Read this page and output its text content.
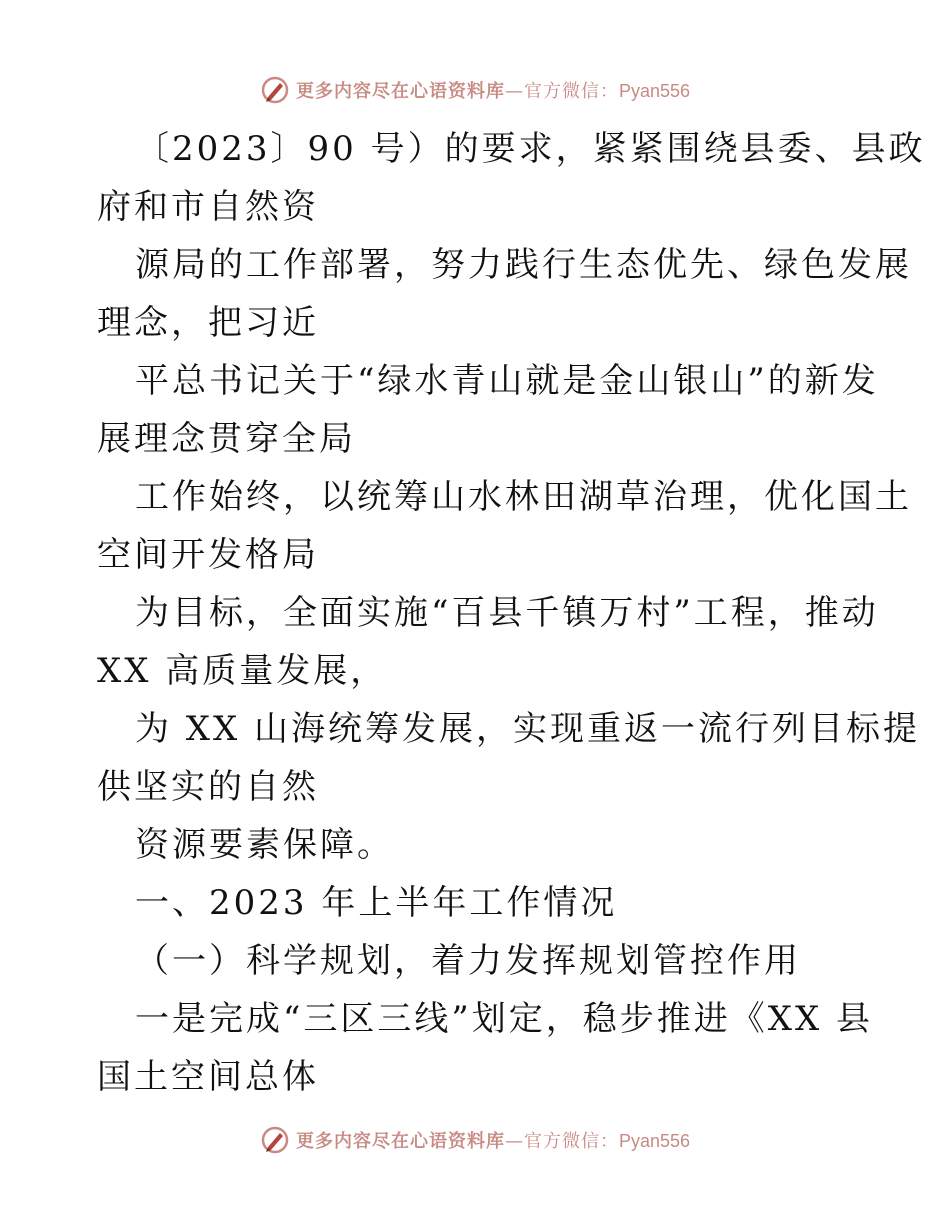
更多内容尽在心语资料库—官方微信：Pyan556
〔2023〕90 号）的要求，紧紧围绕县委、县政
府和市自然资
源局的工作部署，努力践行生态优先、绿色发展
理念，把习近
平总书记关于“绿水青山就是金山银山”的新发
展理念贯穿全局
工作始终，以统筹山水林田湖草治理，优化国土
空间开发格局
为目标，全面实施“百县千镇万村”工程，推动
XX 高质量发展，
为 XX 山海统筹发展，实现重返一流行列目标提
供坚实的自然
资源要素保障。
一、2023 年上半年工作情况
（一）科学规划，着力发挥规划管控作用
一是完成“三区三线”划定，稳步推进《XX 县
国土空间总体
更多内容尽在心语资料库—官方微信：Pyan556
